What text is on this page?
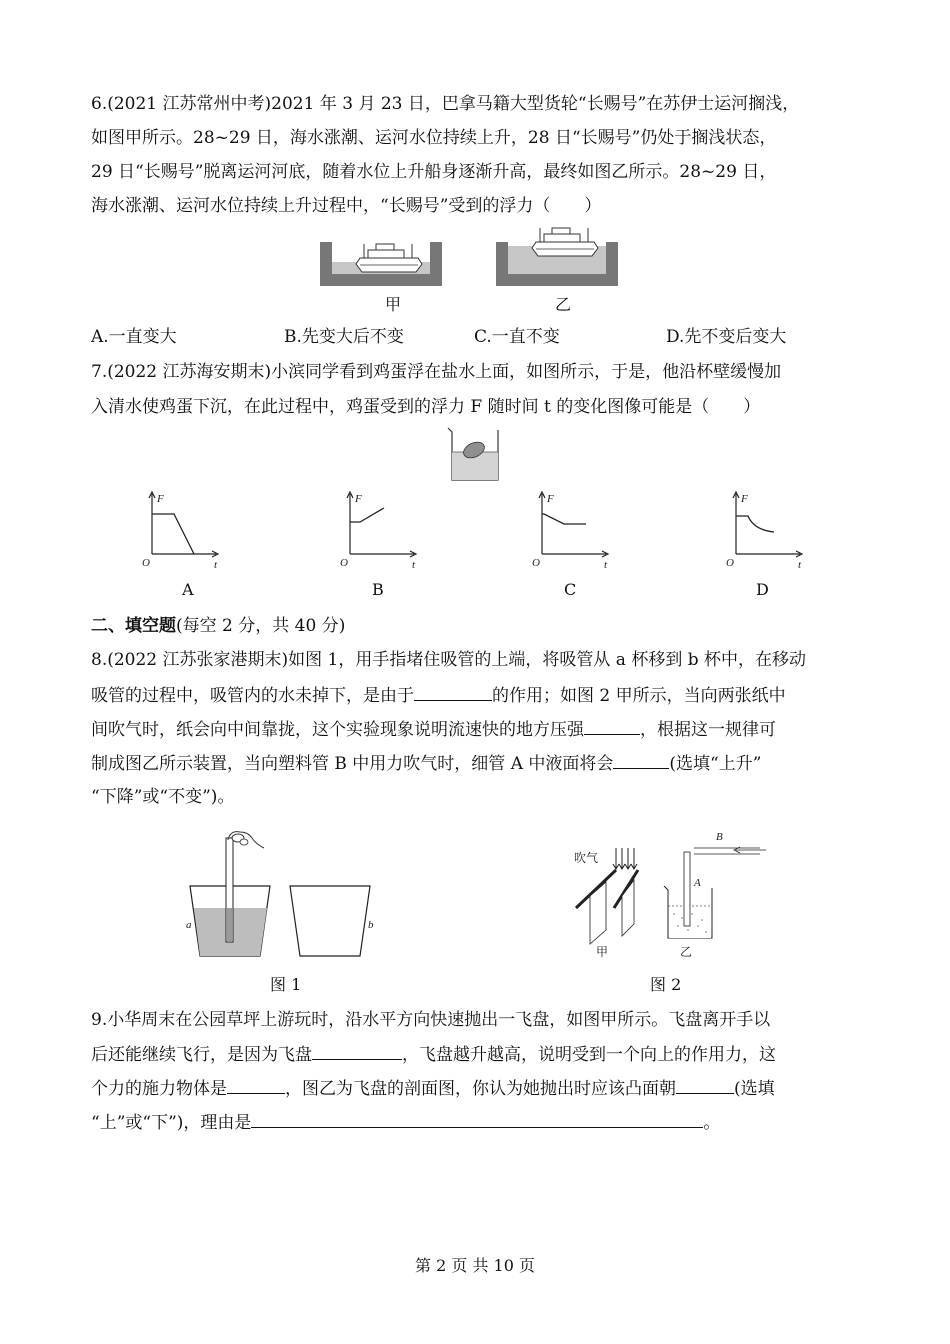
6.(2021 江苏常州中考)2021 年 3 月 23 日，巴拿马籍大型货轮“长赐号”在苏伊士运河搁浅，
如图甲所示。28~29 日，海水涨潮、运河水位持续上升，28 日“长赐号”仍处于搁浅状态，
29 日“长赐号”脱离运河河底，随着水位上升船身逐渐升高，最终如图乙所示。28~29 日，
海水涨潮、运河水位持续上升过程中，“长赐号”受到的浮力（　　）
甲	乙
A.一直变大	B.先变大后不变	C.一直不变	D.先不变后变大
7.(2022 江苏海安期末)小滨同学看到鸡蛋浮在盐水上面，如图所示，于是，他沿杯壁缓慢加
入清水使鸡蛋下沉，在此过程中，鸡蛋受到的浮力 F 随时间 t 的变化图像可能是（　　）
F
O	t
F
O	t
F
O	t
F
O	t
A	B	C	D
二、填空题(每空 2 分，共 40 分)
8.(2022 江苏张家港期末)如图 1，用手指堵住吸管的上端，将吸管从 a 杯移到 b 杯中，在移动
吸管的过程中，吸管内的水未掉下，是由于	的作用；如图 2 甲所示，当向两张纸中
间吹气时，纸会向中间靠拢，这个实验现象说明流速快的地方压强	，根据这一规律可
制成图乙所示装置，当向塑料管 B 中用力吹气时，细管 A 中液面将会	(选填“上升”
“下降”或“不变”)。
a	b
图 1
吹气
甲
A
B
乙
图 2
9.小华周末在公园草坪上游玩时，沿水平方向快速抛出一飞盘，如图甲所示。飞盘离开手以
后还能继续飞行，是因为飞盘	，飞盘越升越高，说明受到一个向上的作用力，这
个力的施力物体是	，图乙为飞盘的剖面图，你认为她抛出时应该凸面朝	(选填
“上”或“下”)，理由是	。
第 2 页 共 10 页
